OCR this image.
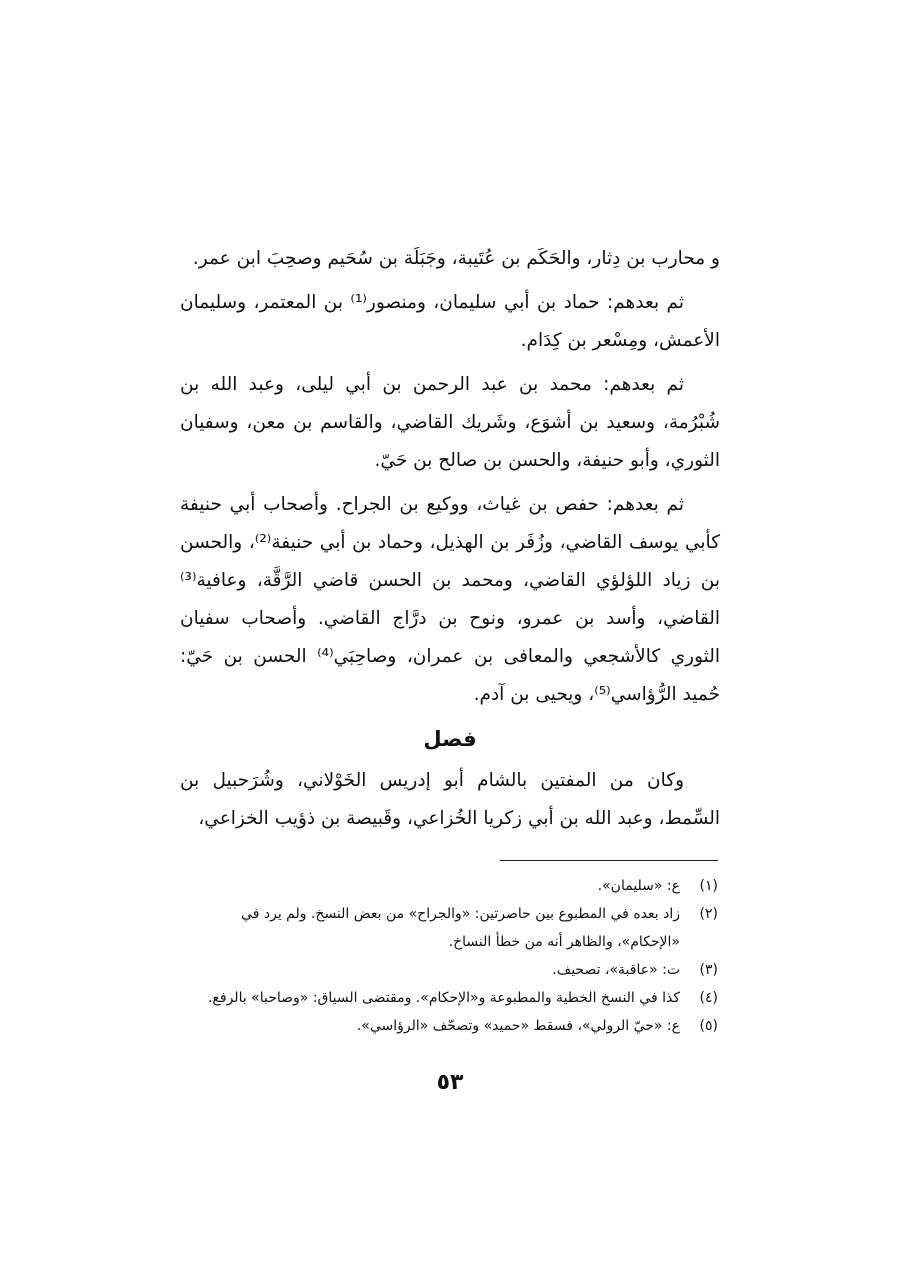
و محارب بن دِثار، والحَكَم بن عُتَيبة، وجَبَلَة بن سُحَيم وصحِبَ ابن عمر.

ثم بعدهم: حماد بن أبي سليمان، ومنصور⁽¹⁾ بن المعتمر، وسليمان الأعمش، ومِسْعر بن كِدَام.

ثم بعدهم: محمد بن عبد الرحمن بن أبي ليلى، وعبد الله بن شُبْرُمة، وسعيد بن أشوَع، وشَريك القاضي، والقاسم بن معن، وسفيان الثوري، وأبو حنيفة، والحسن بن صالح بن حَيّ.

ثم بعدهم: حفص بن غياث، ووكيع بن الجراح. وأصحاب أبي حنيفة كأبي يوسف القاضي، وزُفَر بن الهذيل، وحماد بن أبي حنيفة⁽²⁾، والحسن بن زياد اللؤلؤي القاضي، ومحمد بن الحسن قاضي الرَّقَّة، وعافية⁽³⁾ القاضي، وأسد بن عمرو، ونوح بن درَّاج القاضي. وأصحاب سفيان الثوري كالأشجعي والمعافى بن عمران، وصاحِبَي⁽⁴⁾ الحسن بن حَيّ: حُميد الرُّؤاسي⁽⁵⁾، ويحيى بن آدم.

فصل

وكان من المفتين بالشام أبو إدريس الخَوْلاني، وشُرَحبيل بن السِّمط، وعبد الله بن أبي زكريا الخُزاعي، وقَبيصة بن ذؤيب الخزاعي،

(١)ع: «سليمان».

(٢)زاد بعده في المطبوع بين حاصرتين: «والجراح» من بعض النسخ. ولم يرد في «الإحكام»، والظاهر أنه من خطأ النساخ.

(٣)ت: «عاقبة»، تصحيف.

(٤)كذا في النسخ الخطية والمطبوعة و«الإحكام». ومقتضى السياق: «وصاحبا» بالرفع.

(٥)ع: «حيّ الرولي»، فسقط «حميد» وتصحّف «الرؤاسي».

٥٣
